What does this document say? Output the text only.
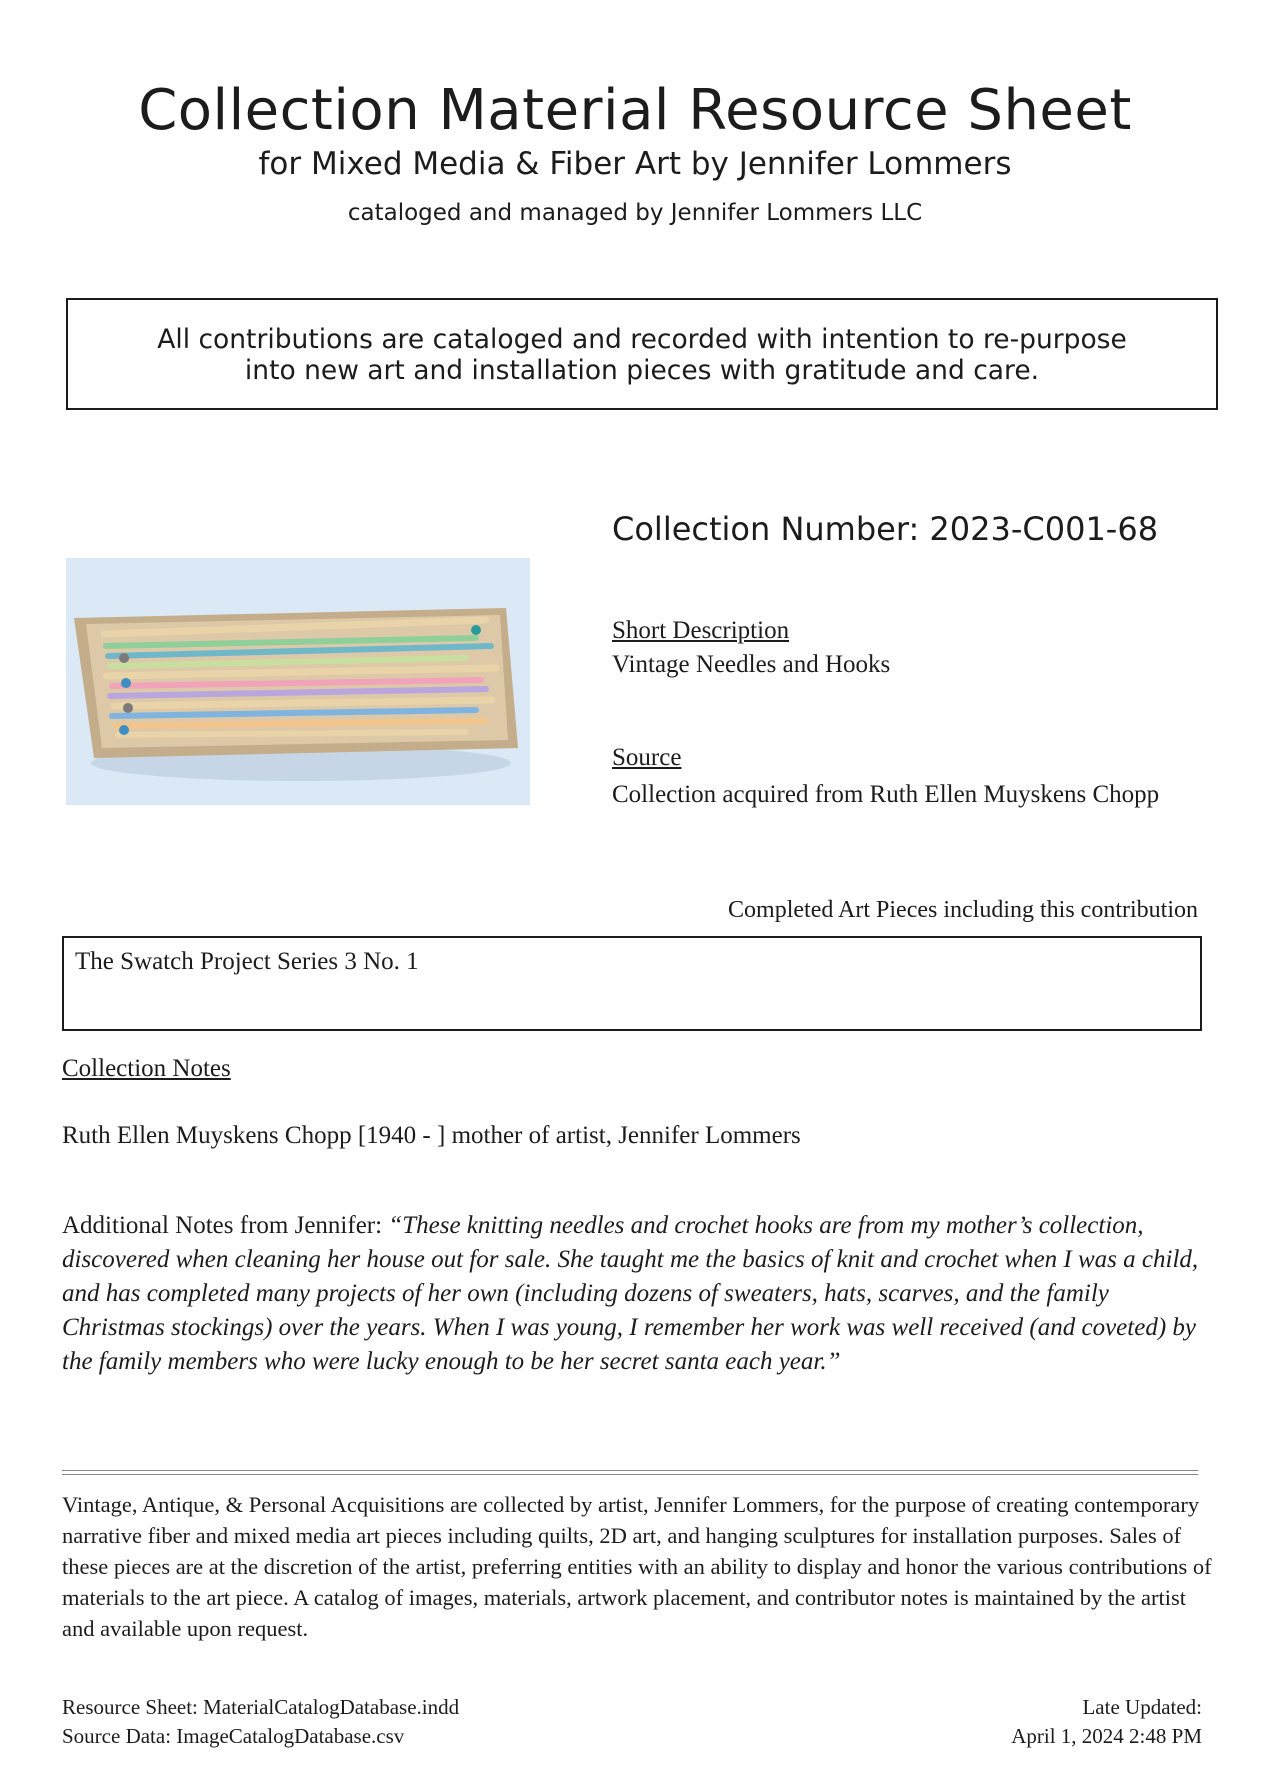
Collection Material Resource Sheet
for Mixed Media & Fiber Art by Jennifer Lommers
cataloged and managed by Jennifer Lommers LLC
All contributions are cataloged and recorded with intention to re-purpose
into new art and installation pieces with gratitude and care.
Collection Number: 2023-C001-68
Short Description
Vintage Needles and Hooks
Source
Collection acquired from Ruth Ellen Muyskens Chopp
Completed Art Pieces including this contribution
The Swatch Project Series 3 No. 1
Collection Notes
Ruth Ellen Muyskens Chopp [1940 - ] mother of artist, Jennifer Lommers
Additional Notes from Jennifer: “These knitting needles and crochet hooks are from my mother’s collection, discovered when cleaning her house out for sale. She taught me the basics of knit and crochet when I was a child, and has completed many projects of her own (including dozens of sweaters, hats, scarves, and the family Christmas stockings) over the years. When I was young, I remember her work was well received (and coveted) by the family members who were lucky enough to be her secret santa each year.”
Vintage, Antique, & Personal Acquisitions are collected by artist, Jennifer Lommers, for the purpose of creating contemporary narrative fiber and mixed media art pieces including quilts, 2D art, and hanging sculptures for installation purposes. Sales of these pieces are at the discretion of the artist, preferring entities with an ability to display and honor the various contributions of materials to the art piece. A catalog of images, materials, artwork placement, and contributor notes is maintained by the artist and available upon request.
Resource Sheet: MaterialCatalogDatabase.indd
Source Data: ImageCatalogDatabase.csv
Late Updated:
April 1, 2024 2:48 PM
